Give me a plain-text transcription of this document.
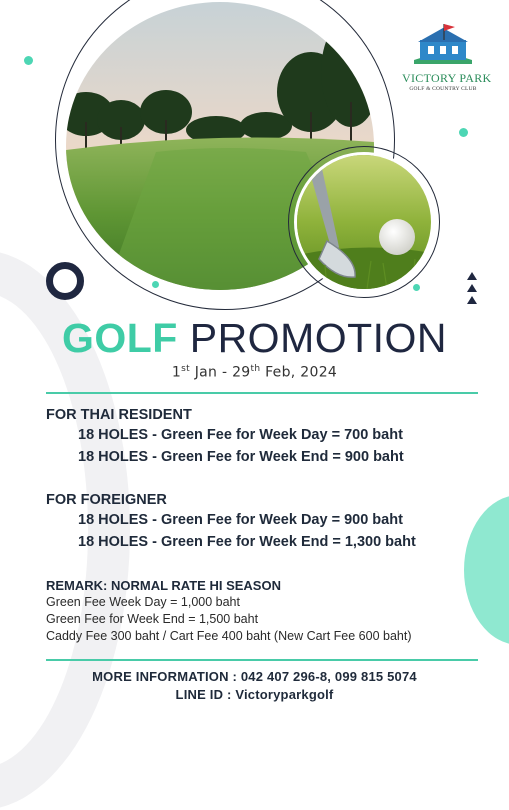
VICTORY PARK
GOLF & COUNTRY CLUB
GOLF PROMOTION
1st Jan - 29th Feb, 2024
FOR THAI RESIDENT
18 HOLES - Green Fee for Week Day = 700 baht
18 HOLES - Green Fee for Week End = 900 baht
FOR FOREIGNER
18 HOLES - Green Fee for Week Day = 900 baht
18 HOLES - Green Fee for Week End = 1,300 baht
REMARK: NORMAL RATE HI SEASON
Green Fee Week Day = 1,000 baht
Green Fee for Week End = 1,500 baht
Caddy Fee 300 baht / Cart Fee 400 baht (New Cart Fee 600 baht)
MORE INFORMATION : 042 407 296-8, 099 815 5074
LINE ID : Victoryparkgolf
